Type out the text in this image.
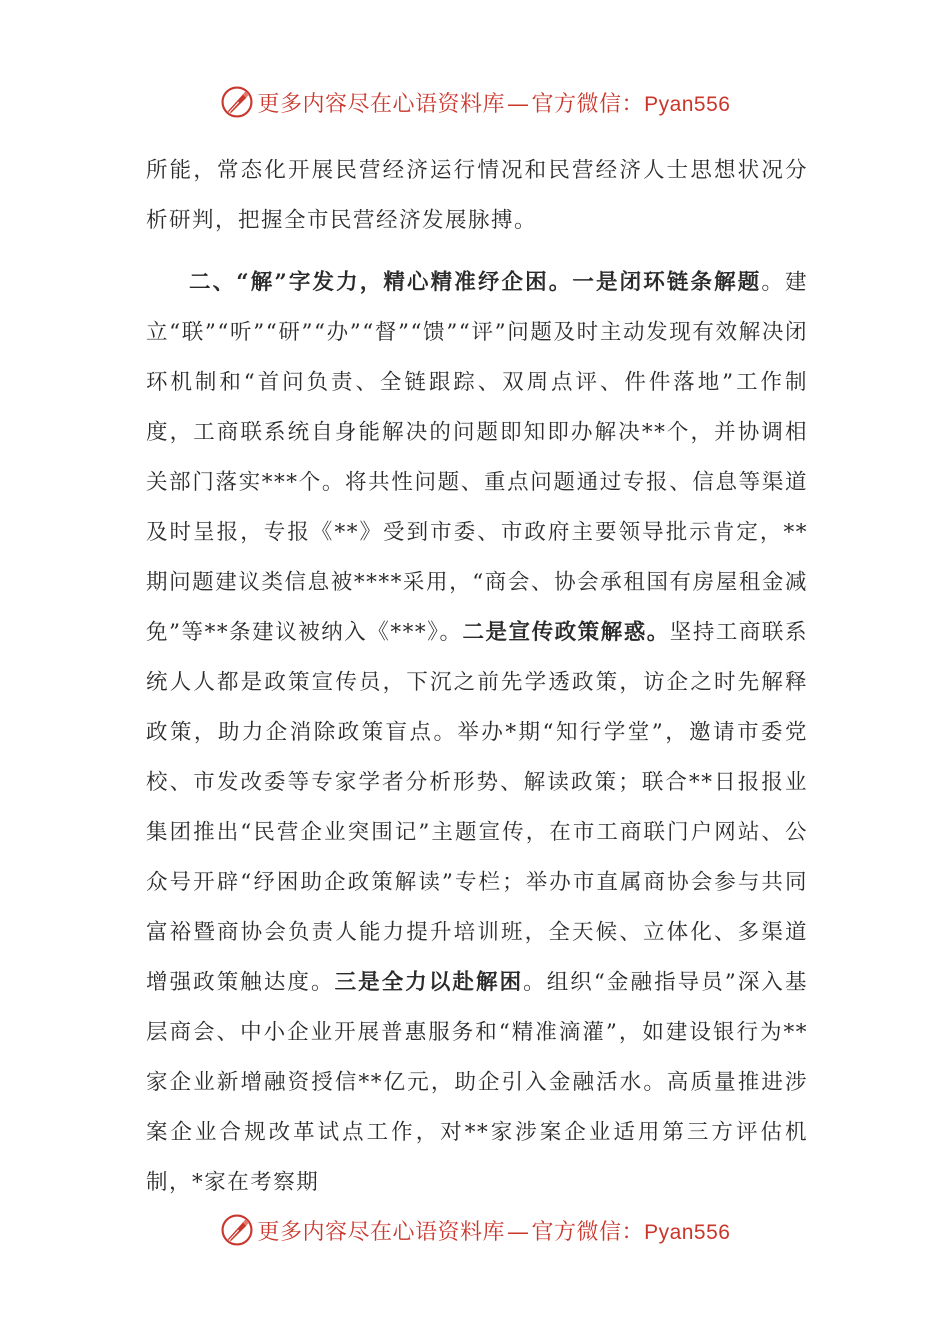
更多内容尽在心语资料库—官方微信：Pyan556

所能，常态化开展民营经济运行情况和民营经济人士思想状况分析研判，把握全市民营经济发展脉搏。

二、“解”字发力，精心精准纾企困。一是闭环链条解题。建立“联”“听”“研”“办”“督”“馈”“评”问题及时主动发现有效解决闭环机制和“首问负责、全链跟踪、双周点评、件件落地”工作制度，工商联系统自身能解决的问题即知即办解决**个，并协调相关部门落实***个。将共性问题、重点问题通过专报、信息等渠道及时呈报，专报《**》受到市委、市政府主要领导批示肯定，**期问题建议类信息被****采用，“商会、协会承租国有房屋租金减免”等**条建议被纳入《***》。二是宣传政策解惑。坚持工商联系统人人都是政策宣传员，下沉之前先学透政策，访企之时先解释政策，助力企消除政策盲点。举办*期“知行学堂”，邀请市委党校、市发改委等专家学者分析形势、解读政策；联合**日报报业集团推出“民营企业突围记”主题宣传，在市工商联门户网站、公众号开辟“纾困助企政策解读”专栏；举办市直属商协会参与共同富裕暨商协会负责人能力提升培训班，全天候、立体化、多渠道增强政策触达度。三是全力以赴解困。组织“金融指导员”深入基层商会、中小企业开展普惠服务和“精准滴灌”，如建设银行为**家企业新增融资授信**亿元，助企引入金融活水。高质量推进涉案企业合规改革试点工作，对**家涉案企业适用第三方评估机制，*家在考察期

更多内容尽在心语资料库—官方微信：Pyan556
